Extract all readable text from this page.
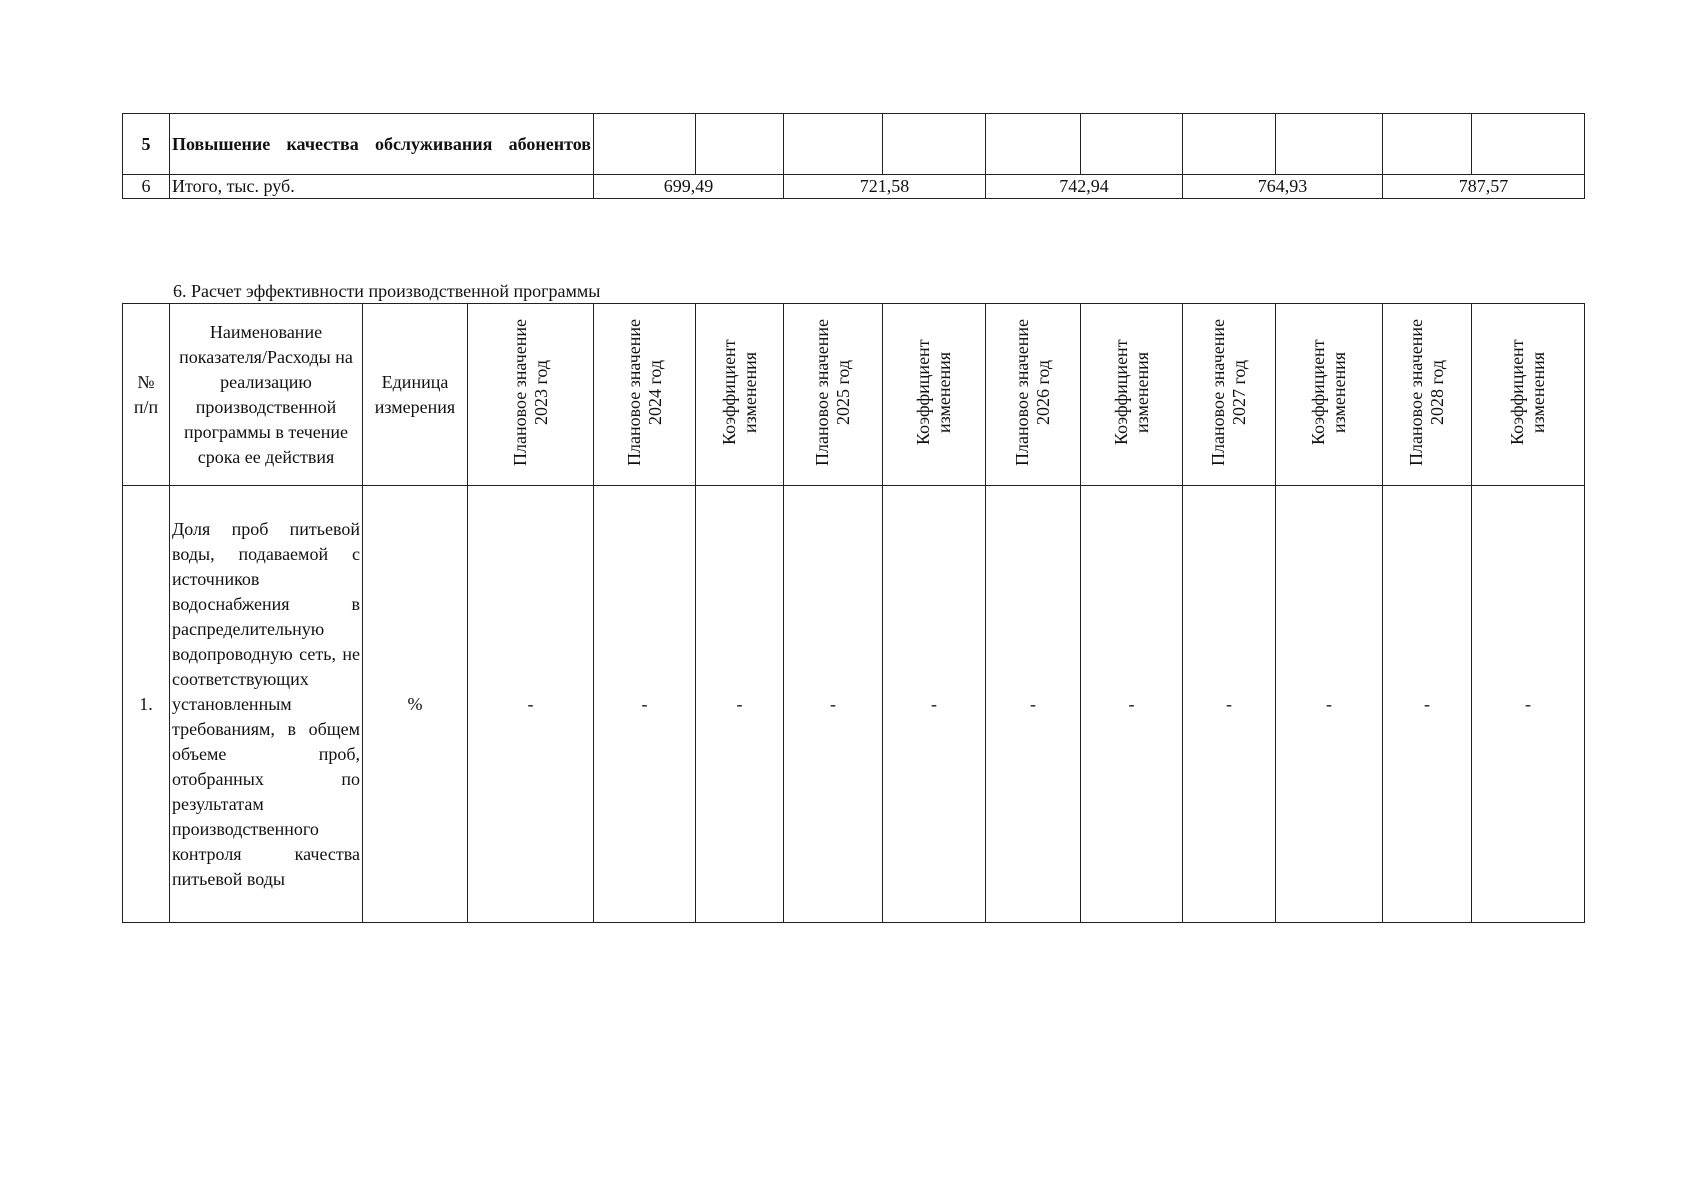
5	Повышение качества обслуживания абонентов										
6	Итого, тыс. руб.	699,49		721,58		742,94		764,93		787,57	

6. Расчет эффективности производственной программы

№ п/п	Наименование показателя/Расходы на реализацию производственной программы в течение срока ее действия	Единица измерения	Плановое значение 2023 год	Плановое значение 2024 год	Коэффициент изменения	Плановое значение 2025 год	Коэффициент изменения	Плановое значение 2026 год	Коэффициент изменения	Плановое значение 2027 год	Коэффициент изменения	Плановое значение 2028 год	Коэффициент изменения
1.	Доля проб питьевой воды, подаваемой с источников водоснабжения в распределительную водопроводную сеть, не соответствующих установленным требованиям, в общем объеме проб, отобранных по результатам производственного контроля качества питьевой воды	%	-	-	-	-	-	-	-	-	-	-	-
